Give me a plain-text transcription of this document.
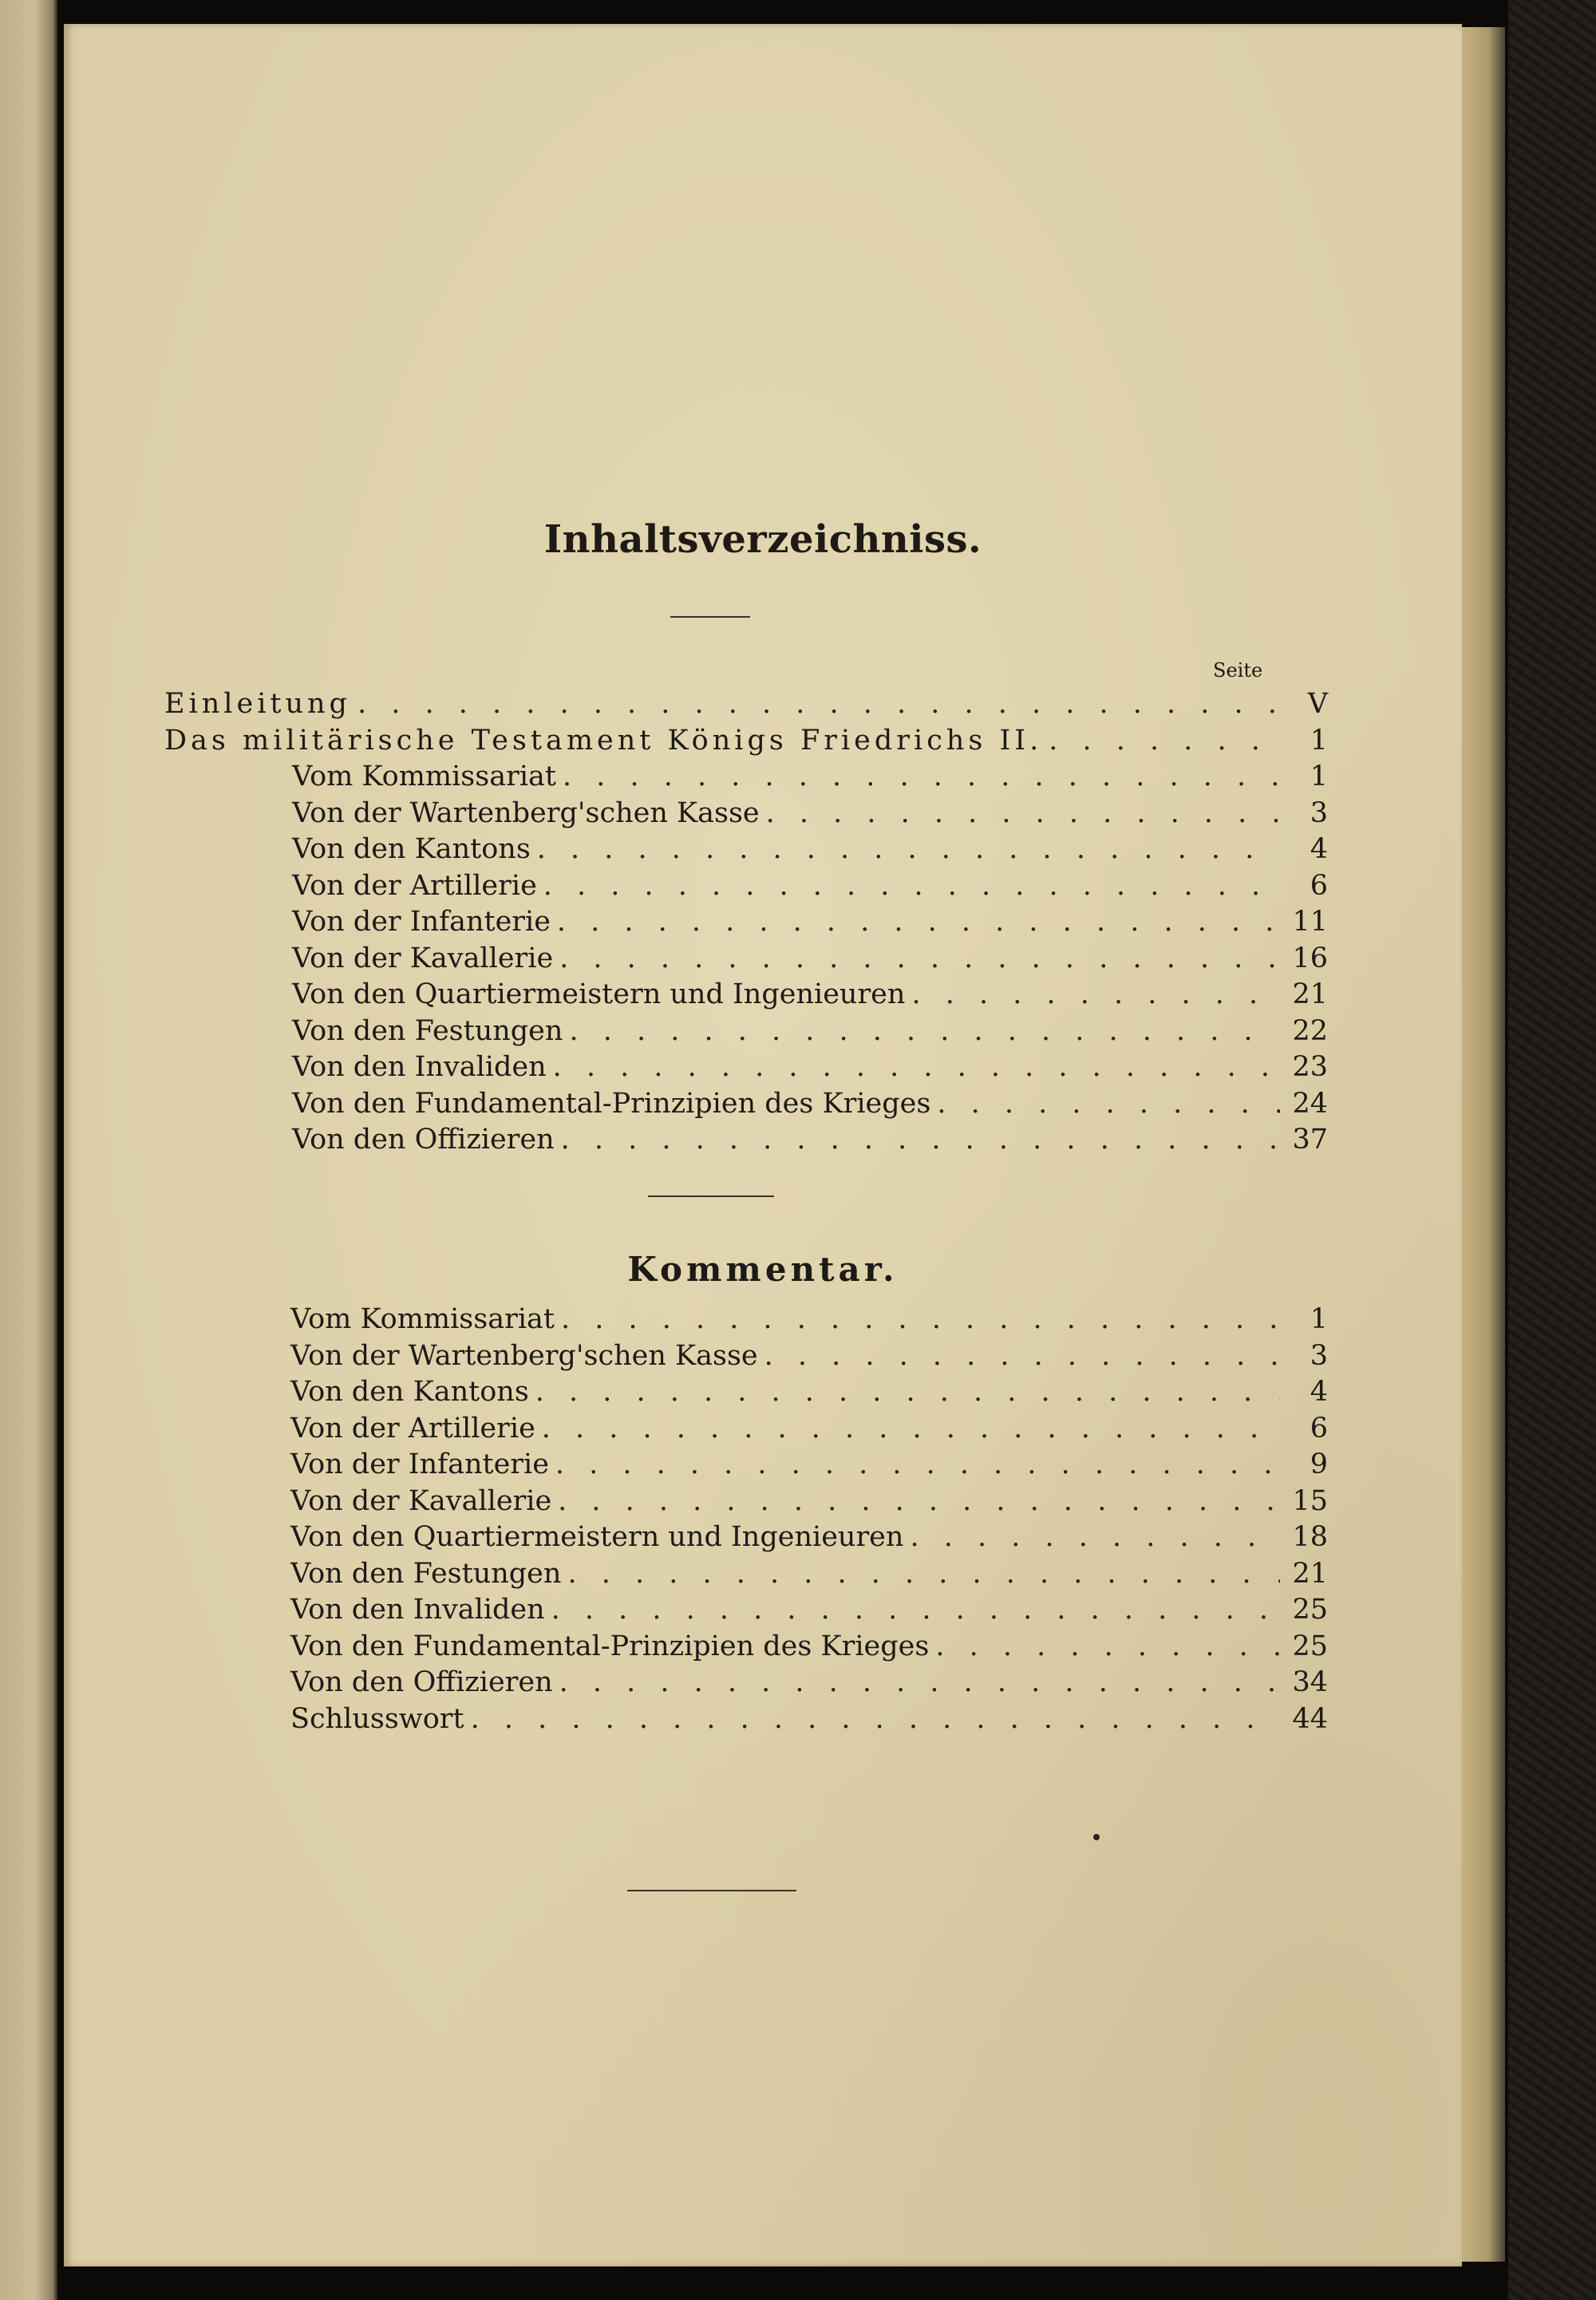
Inhaltsverzeichniss.
Seite
Einleitung . . .	V
Das militärische Testament Königs Friedrichs II. . . .	1
Vom Kommissariat . . .	1
Von der Wartenberg'schen Kasse . . .	3
Von den Kantons . . .	4
Von der Artillerie . . .	6
Von der Infanterie . . .	11
Von der Kavallerie . . .	16
Von den Quartiermeistern und Ingenieuren . . .	21
Von den Festungen . . .	22
Von den Invaliden . . .	23
Von den Fundamental-Prinzipien des Krieges . . .	24
Von den Offizieren . . .	37
Kommentar.
Vom Kommissariat . . .	1
Von der Wartenberg'schen Kasse . . .	3
Von den Kantons . . .	4
Von der Artillerie . . .	6
Von der Infanterie . . .	9
Von der Kavallerie . . .	15
Von den Quartiermeistern und Ingenieuren . . .	18
Von den Festungen . . .	21
Von den Invaliden . . .	25
Von den Fundamental-Prinzipien des Krieges . . .	25
Von den Offizieren . . .	34
Schlusswort . . .	44
